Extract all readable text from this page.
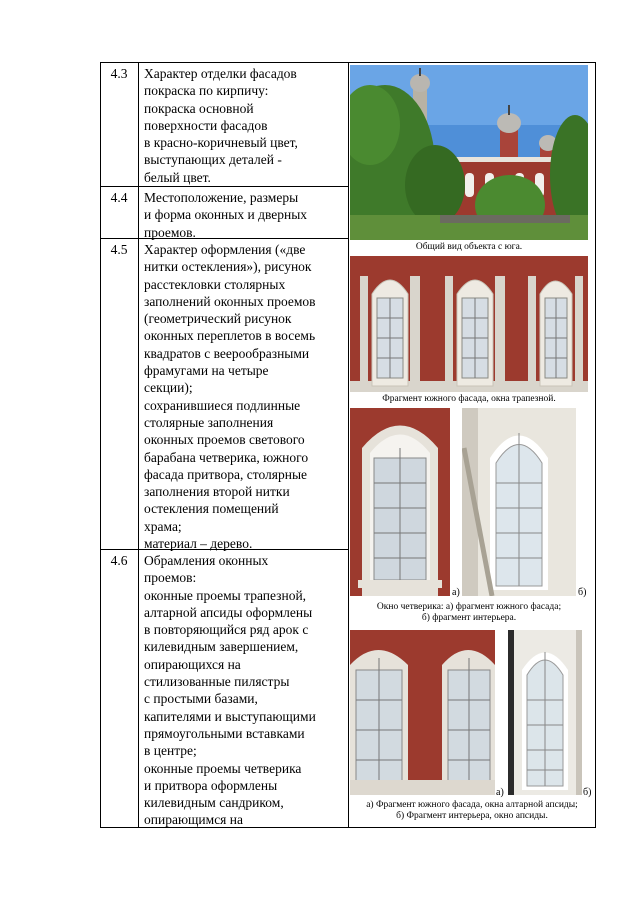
4.3	Характер отделки фасадов
покраска по кирпичу:
покраска основной
поверхности фасадов
в красно-коричневый цвет,
выступающих деталей -
белый цвет.
4.4	Местоположение, размеры
и форма оконных и дверных
проемов.
4.5	Характер оформления («две
нитки остекления»), рисунок
расстекловки столярных
заполнений оконных проемов
(геометрический рисунок
оконных переплетов в восемь
квадратов с веерообразными
фрамугами на четыре
секции);
сохранившиеся подлинные
столярные заполнения
оконных проемов светового
барабана четверика, южного
фасада притвора, столярные
заполнения второй нитки
остекления помещений
храма;
материал – дерево.
4.6	Обрамления оконных
проемов:
оконные проемы трапезной,
алтарной апсиды оформлены
в повторяющийся ряд арок с
килевидным завершением,
опирающихся на
стилизованные пилястры
с простыми базами,
капителями и выступающими
прямоугольными вставками
в центре;
оконные проемы четверика
и притвора оформлены
килевидным сандриком,
опирающимся на
Общий вид объекта с юга.
Фрагмент южного фасада, окна трапезной.
а)	б)
Окно четверика: а) фрагмент южного фасада;
б) фрагмент интерьера.
а)	б)
а) Фрагмент южного фасада, окна алтарной апсиды;
б) Фрагмент интерьера, окно апсиды.
